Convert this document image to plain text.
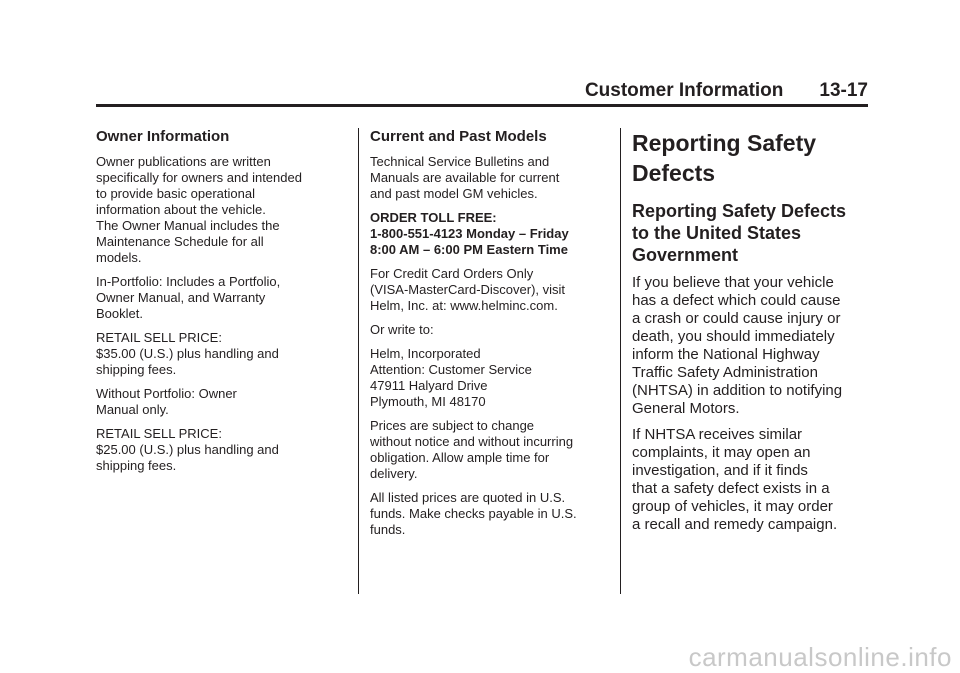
Customer Information 13-17
Owner Information

Owner publications are written
specifically for owners and intended
to provide basic operational
information about the vehicle.
The Owner Manual includes the
Maintenance Schedule for all
models.

In-Portfolio: Includes a Portfolio,
Owner Manual, and Warranty
Booklet.

RETAIL SELL PRICE:
$35.00 (U.S.) plus handling and
shipping fees.

Without Portfolio: Owner
Manual only.

RETAIL SELL PRICE:
$25.00 (U.S.) plus handling and
shipping fees.

Current and Past Models

Technical Service Bulletins and
Manuals are available for current
and past model GM vehicles.

ORDER TOLL FREE:
1-800-551-4123 Monday – Friday
8:00 AM – 6:00 PM Eastern Time

For Credit Card Orders Only
(VISA-MasterCard-Discover), visit
Helm, Inc. at: www.helminc.com.

Or write to:

Helm, Incorporated
Attention: Customer Service
47911 Halyard Drive
Plymouth, MI 48170

Prices are subject to change
without notice and without incurring
obligation. Allow ample time for
delivery.

All listed prices are quoted in U.S.
funds. Make checks payable in U.S.
funds.

Reporting Safety
Defects
Reporting Safety Defects
to the United States
Government

If you believe that your vehicle
has a defect which could cause
a crash or could cause injury or
death, you should immediately
inform the National Highway
Traffic Safety Administration
(NHTSA) in addition to notifying
General Motors.

If NHTSA receives similar
complaints, it may open an
investigation, and if it finds
that a safety defect exists in a
group of vehicles, it may order
a recall and remedy campaign.

carmanualsonline.info
